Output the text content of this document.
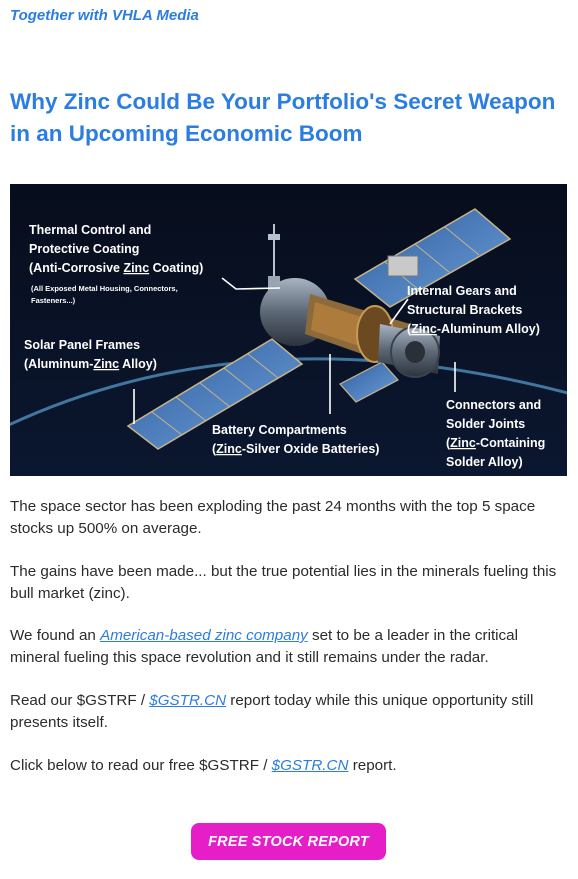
Together with VHLA Media
Why Zinc Could Be Your Portfolio's Secret Weapon in an Upcoming Economic Boom
Thermal Control and
Protective Coating
(Anti-Corrosive Zinc Coating)
(All Exposed Metal Housing, Connectors,
Fasteners...)
Solar Panel Frames
(Aluminum-Zinc Alloy)
Internal Gears and
Structural Brackets
(Zinc-Aluminum Alloy)
Battery Compartments
(Zinc-Silver Oxide Batteries)
Connectors and
Solder Joints
(Zinc-Containing
Solder Alloy)

The space sector has been exploding the past 24 months with the top 5 space stocks up 500% on average.

The gains have been made... but the true potential lies in the minerals fueling this bull market (zinc).

We found an American-based zinc company set to be a leader in the critical mineral fueling this space revolution and it still remains under the radar.

Read our $GSTRF / $GSTR.CN report today while this unique opportunity still presents itself.

Click below to read our free $GSTRF / $GSTR.CN report.

FREE STOCK REPORT
